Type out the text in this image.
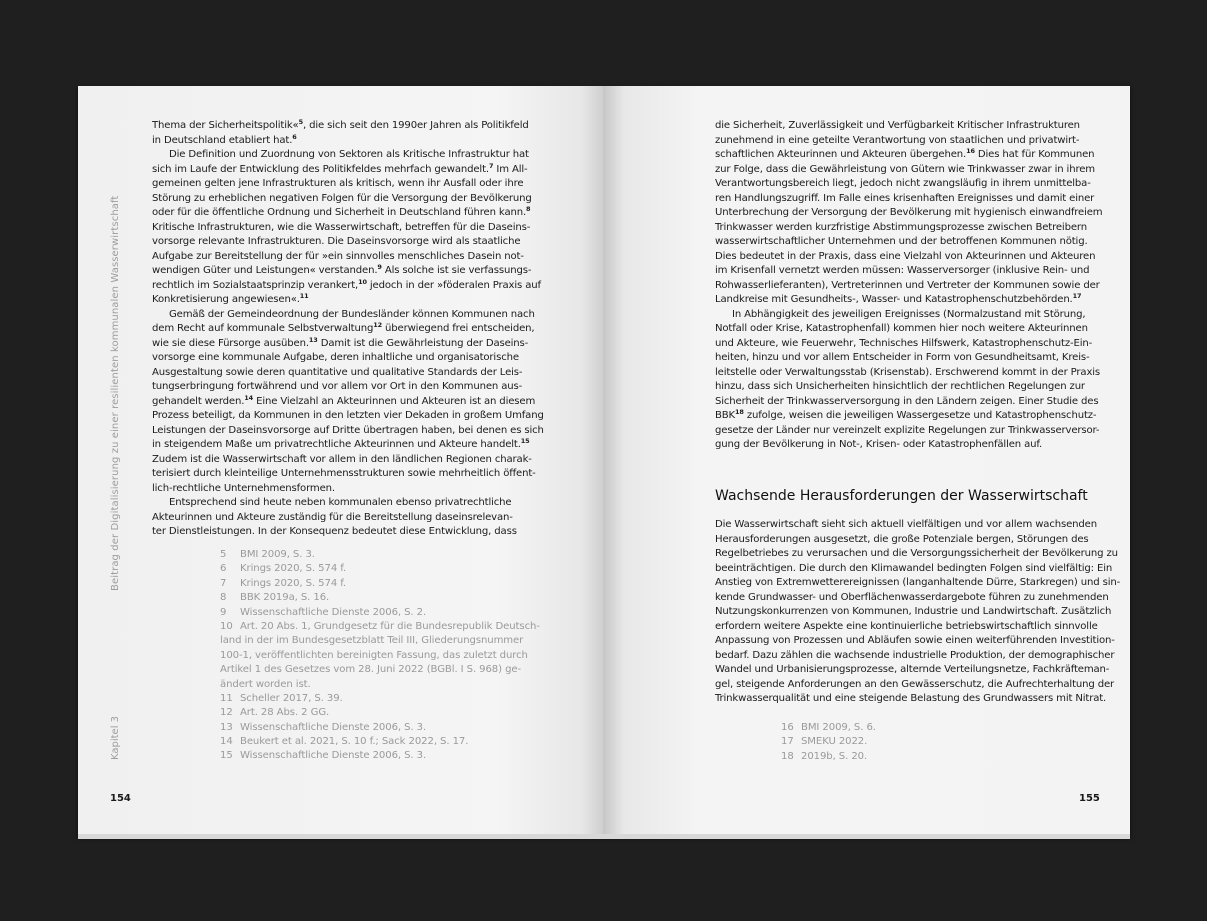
Beitrag der Digitalisierung zu einer resilienten kommunalen Wasserwirtschaft
Kapitel 3
Thema der Sicherheitspolitik«$^5$, die sich seit den 1990er Jahren als Politikfeld
in Deutschland etabliert hat.$^6$
Die Definition und Zuordnung von Sektoren als Kritische Infrastruktur hat
sich im Laufe der Entwicklung des Politikfeldes mehrfach gewandelt.$^7$ Im All-
gemeinen gelten jene Infrastrukturen als kritisch, wenn ihr Ausfall oder ihre
Störung zu erheblichen negativen Folgen für die Versorgung der Bevölkerung
oder für die öffentliche Ordnung und Sicherheit in Deutschland führen kann.$^8$
Kritische Infrastrukturen, wie die Wasserwirtschaft, betreffen für die Daseins-
vorsorge relevante Infrastrukturen. Die Daseinsvorsorge wird als staatliche
Aufgabe zur Bereitstellung der für »ein sinnvolles menschliches Dasein not-
wendigen Güter und Leistungen« verstanden.$^9$ Als solche ist sie verfassungs-
rechtlich im Sozialstaatsprinzip verankert,$^{10}$ jedoch in der »föderalen Praxis auf
Konkretisierung angewiesen«.$^{11}$
Gemäß der Gemeindeordnung der Bundesländer können Kommunen nach
dem Recht auf kommunale Selbstverwaltung$^{12}$ überwiegend frei entscheiden,
wie sie diese Fürsorge ausüben.$^{13}$ Damit ist die Gewährleistung der Daseins-
vorsorge eine kommunale Aufgabe, deren inhaltliche und organisatorische
Ausgestaltung sowie deren quantitative und qualitative Standards der Leis-
tungserbringung fortwährend und vor allem vor Ort in den Kommunen aus-
gehandelt werden.$^{14}$ Eine Vielzahl an Akteurinnen und Akteuren ist an diesem
Prozess beteiligt, da Kommunen in den letzten vier Dekaden in großem Umfang
Leistungen der Daseinsvorsorge auf Dritte übertragen haben, bei denen es sich
in steigendem Maße um privatrechtliche Akteurinnen und Akteure handelt.$^{15}$
Zudem ist die Wasserwirtschaft vor allem in den ländlichen Regionen charak-
terisiert durch kleinteilige Unternehmensstrukturen sowie mehrheitlich öffent-
lich-rechtliche Unternehmensformen.
Entsprechend sind heute neben kommunalen ebenso privatrechtliche
Akteurinnen und Akteure zuständig für die Bereitstellung daseinsrelevan-
ter Dienstleistungen. In der Konsequenz bedeutet diese Entwicklung, dass
5 BMI 2009, S. 3.
6 Krings 2020, S. 574 f.
7 Krings 2020, S. 574 f.
8 BBK 2019a, S. 16.
9 Wissenschaftliche Dienste 2006, S. 2.
10 Art. 20 Abs. 1, Grundgesetz für die Bundesrepublik Deutsch-
land in der im Bundesgesetzblatt Teil III, Gliederungsnummer
100-1, veröffentlichten bereinigten Fassung, das zuletzt durch
Artikel 1 des Gesetzes vom 28. Juni 2022 (BGBl. I S. 968) ge-
ändert worden ist.
11 Scheller 2017, S. 39.
12 Art. 28 Abs. 2 GG.
13 Wissenschaftliche Dienste 2006, S. 3.
14 Beukert et al. 2021, S. 10 f.; Sack 2022, S. 17.
15 Wissenschaftliche Dienste 2006, S. 3.
154
die Sicherheit, Zuverlässigkeit und Verfügbarkeit Kritischer Infrastrukturen
zunehmend in eine geteilte Verantwortung von staatlichen und privatwirt-
schaftlichen Akteurinnen und Akteuren übergehen.$^{16}$ Dies hat für Kommunen
zur Folge, dass die Gewährleistung von Gütern wie Trinkwasser zwar in ihrem
Verantwortungsbereich liegt, jedoch nicht zwangsläufig in ihrem unmittelba-
ren Handlungszugriff. Im Falle eines krisenhaften Ereignisses und damit einer
Unterbrechung der Versorgung der Bevölkerung mit hygienisch einwandfreiem
Trinkwasser werden kurzfristige Abstimmungsprozesse zwischen Betreibern
wasserwirtschaftlicher Unternehmen und der betroffenen Kommunen nötig.
Dies bedeutet in der Praxis, dass eine Vielzahl von Akteurinnen und Akteuren
im Krisenfall vernetzt werden müssen: Wasserversorger (inklusive Rein- und
Rohwasserlieferanten), Vertreterinnen und Vertreter der Kommunen sowie der
Landkreise mit Gesundheits-, Wasser- und Katastrophenschutzbehörden.$^{17}$
In Abhängigkeit des jeweiligen Ereignisses (Normalzustand mit Störung,
Notfall oder Krise, Katastrophenfall) kommen hier noch weitere Akteurinnen
und Akteure, wie Feuerwehr, Technisches Hilfswerk, Katastrophenschutz-Ein-
heiten, hinzu und vor allem Entscheider in Form von Gesundheitsamt, Kreis-
leitstelle oder Verwaltungsstab (Krisenstab). Erschwerend kommt in der Praxis
hinzu, dass sich Unsicherheiten hinsichtlich der rechtlichen Regelungen zur
Sicherheit der Trinkwasserversorgung in den Ländern zeigen. Einer Studie des
BBK$^{18}$ zufolge, weisen die jeweiligen Wassergesetze und Katastrophenschutz-
gesetze der Länder nur vereinzelt explizite Regelungen zur Trinkwasserversor-
gung der Bevölkerung in Not-, Krisen- oder Katastrophenfällen auf.
Wachsende Herausforderungen der Wasserwirtschaft
Die Wasserwirtschaft sieht sich aktuell vielfältigen und vor allem wachsenden
Herausforderungen ausgesetzt, die große Potenziale bergen, Störungen des
Regelbetriebes zu verursachen und die Versorgungssicherheit der Bevölkerung zu
beeinträchtigen. Die durch den Klimawandel bedingten Folgen sind vielfältig: Ein
Anstieg von Extremwetterereignissen (langanhaltende Dürre, Starkregen) und sin-
kende Grundwasser- und Oberflächenwasserdargebote führen zu zunehmenden
Nutzungskonkurrenzen von Kommunen, Industrie und Landwirtschaft. Zusätzlich
erfordern weitere Aspekte eine kontinuierliche betriebswirtschaftlich sinnvolle
Anpassung von Prozessen und Abläufen sowie einen weiterführenden Investition-
bedarf. Dazu zählen die wachsende industrielle Produktion, der demographischer
Wandel und Urbanisierungsprozesse, alternde Verteilungsnetze, Fachkräfteman-
gel, steigende Anforderungen an den Gewässerschutz, die Aufrechterhaltung der
Trinkwasserqualität und eine steigende Belastung des Grundwassers mit Nitrat.
16 BMI 2009, S. 6.
17 SMEKU 2022.
18 2019b, S. 20.
155
